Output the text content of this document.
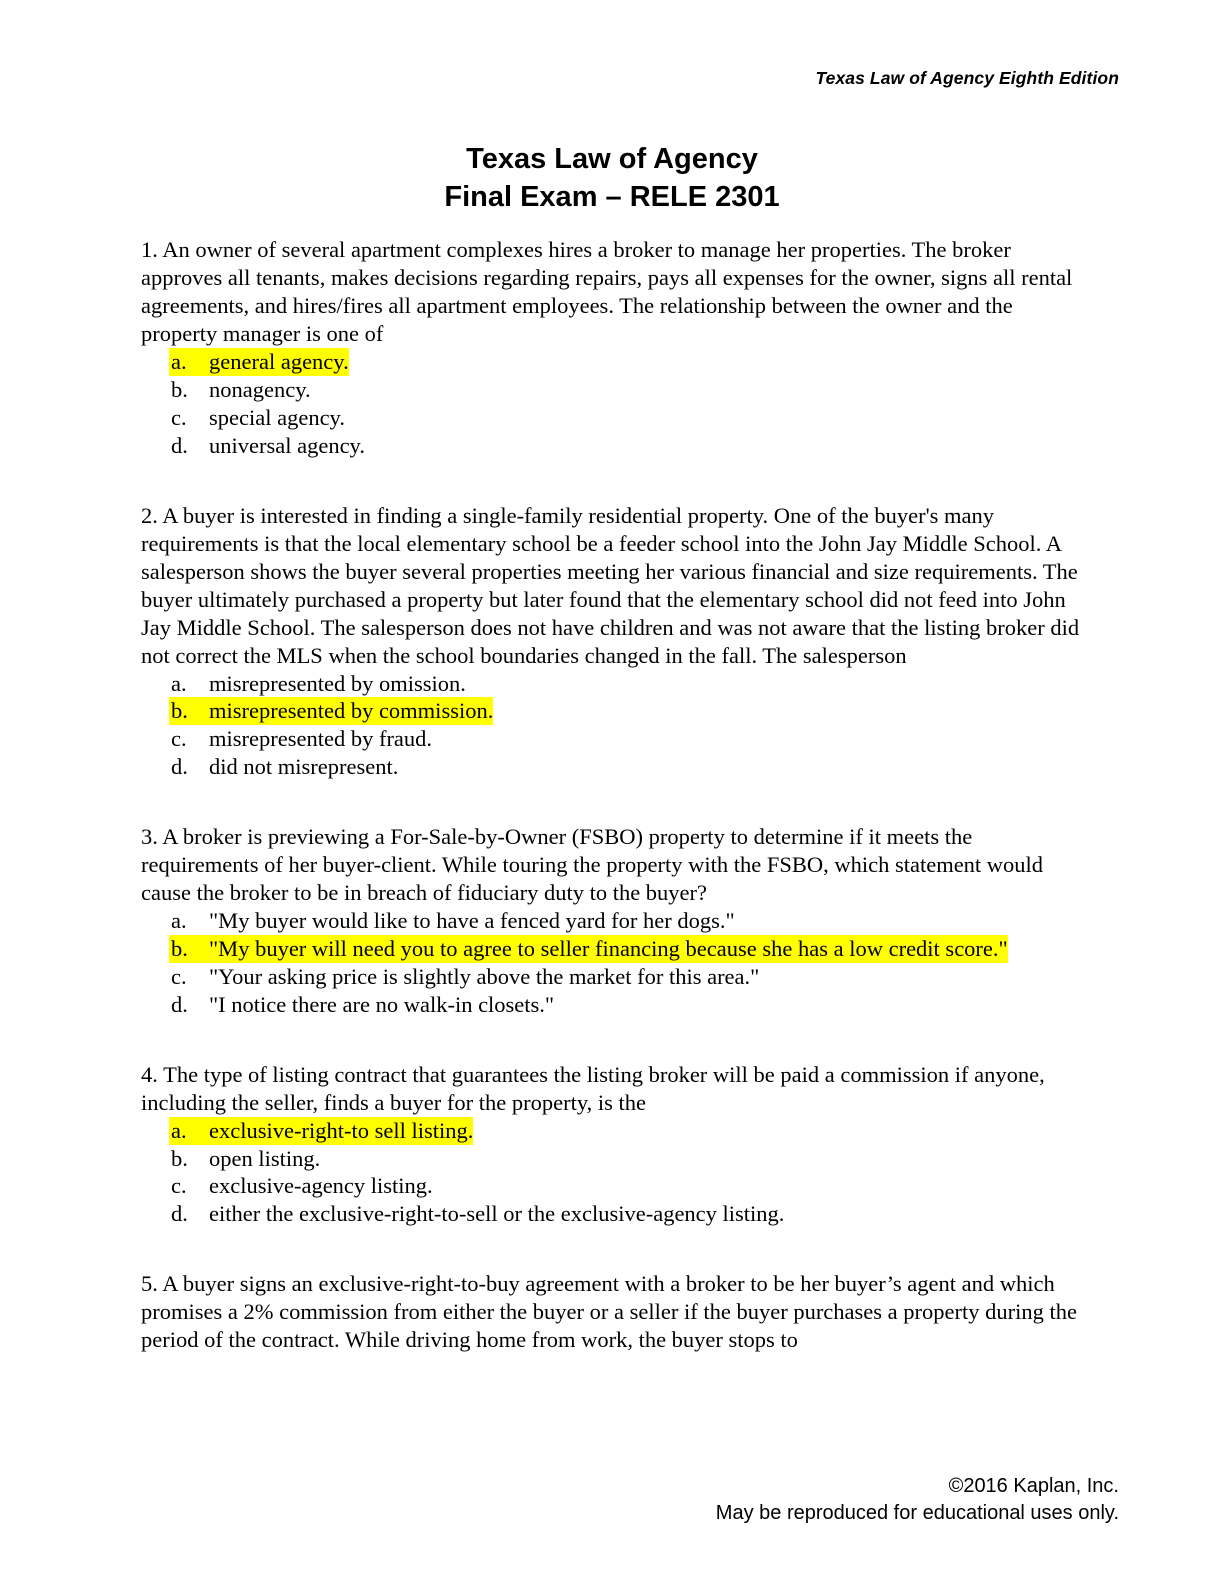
Texas Law of Agency Eighth Edition
Texas Law of Agency
Final Exam – RELE 2301

1. An owner of several apartment complexes hires a broker to manage her properties. The broker approves all tenants, makes decisions regarding repairs, pays all expenses for the owner, signs all rental agreements, and hires/fires all apartment employees. The relationship between the owner and the property manager is one of

a. general agency.
b. nonagency.
c. special agency.
d. universal agency.

2. A buyer is interested in finding a single-family residential property. One of the buyer's many requirements is that the local elementary school be a feeder school into the John Jay Middle School. A salesperson shows the buyer several properties meeting her various financial and size requirements. The buyer ultimately purchased a property but later found that the elementary school did not feed into John Jay Middle School. The salesperson does not have children and was not aware that the listing broker did not correct the MLS when the school boundaries changed in the fall. The salesperson

a. misrepresented by omission.
b. misrepresented by commission.
c. misrepresented by fraud.
d. did not misrepresent.

3. A broker is previewing a For-Sale-by-Owner (FSBO) property to determine if it meets the requirements of her buyer-client. While touring the property with the FSBO, which statement would cause the broker to be in breach of fiduciary duty to the buyer?

a. "My buyer would like to have a fenced yard for her dogs."
b. "My buyer will need you to agree to seller financing because she has a low credit score."
c. "Your asking price is slightly above the market for this area."
d. "I notice there are no walk-in closets."

4. The type of listing contract that guarantees the listing broker will be paid a commission if anyone, including the seller, finds a buyer for the property, is the

a. exclusive-right-to sell listing.
b. open listing.
c. exclusive-agency listing.
d. either the exclusive-right-to-sell or the exclusive-agency listing.

5. A buyer signs an exclusive-right-to-buy agreement with a broker to be her buyer’s agent and which promises a 2% commission from either the buyer or a seller if the buyer purchases a property during the period of the contract. While driving home from work, the buyer stops to

©2016 Kaplan, Inc.
May be reproduced for educational uses only.
